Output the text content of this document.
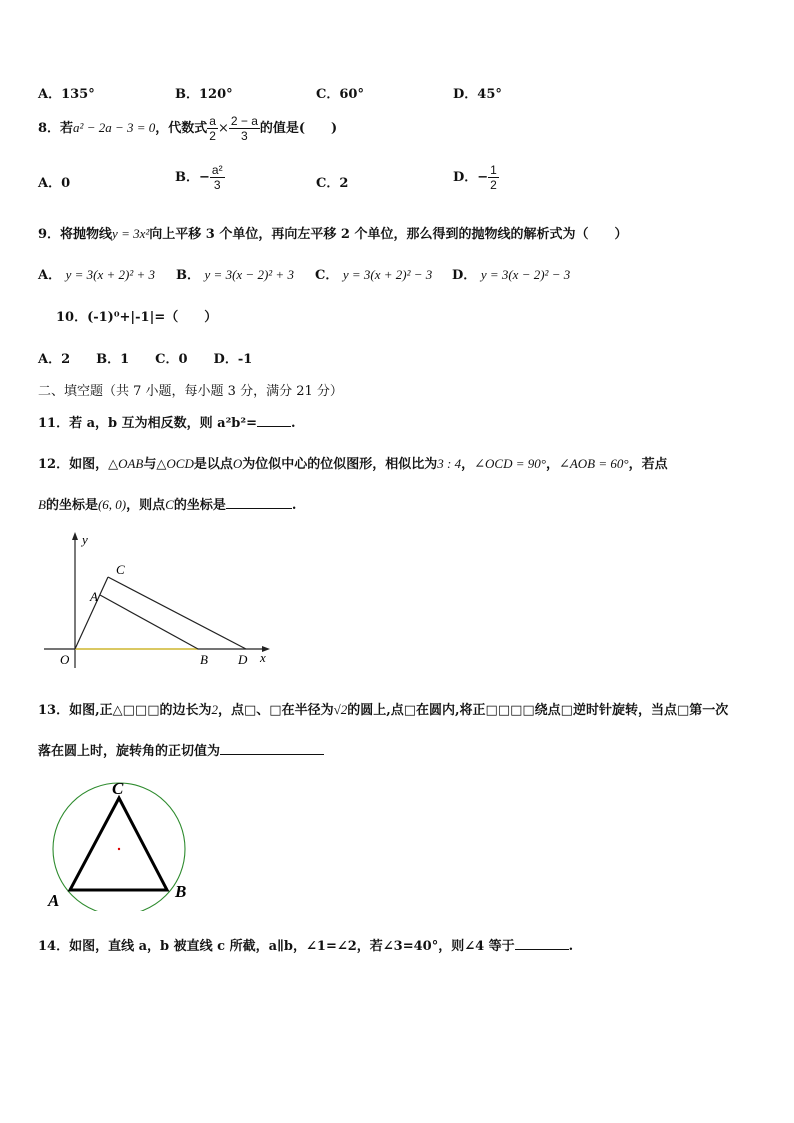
A．135°	B．120°	C．60°	D．45°
8．若a² − 2a − 3 = 0，代数式 $\frac{a}{2} \times \frac{2 - a}{3}$ 的值是(　　)
A．0	B．− $\frac{\text{a²}}{3}$	C．2	D．− $\frac{1}{2}$
9．将抛物线y = 3x²向上平移 3 个单位，再向左平移 2 个单位，那么得到的抛物线的解析式为（　　）
A． y = 3(x + 2)² + 3 B． y = 3(x − 2)² + 3 C． y = 3(x + 2)² − 3 D． y = 3(x − 2)² − 3
10．(-1)⁰+|-1|=（　　）
A．2　　B．1　　C．0　　D．-1
二、填空题（共 7 小题，每小题 3 分，满分 21 分）
11．若 a，b 互为相反数，则 a²b²=	.
12．如图，△OAB与△OCD是以点O为位似中心的位似图形，相似比为3 : 4，∠OCD = 90°，∠AOB = 60°，若点
B的坐标是(6, 0)，则点C的坐标是	.
y
x
O
A
B
C
D
13．如图,正△□□□的边长为2，点□、□在半径为√2的圆上,点□在圆内,将正□□□□绕点□逆时针旋转，当点□第一次
落在圆上时，旋转角的正切值为
C
A	B
14．如图，直线 a，b 被直线 c 所截，a∥b，∠1=∠2，若∠3=40°，则∠4 等于	.
